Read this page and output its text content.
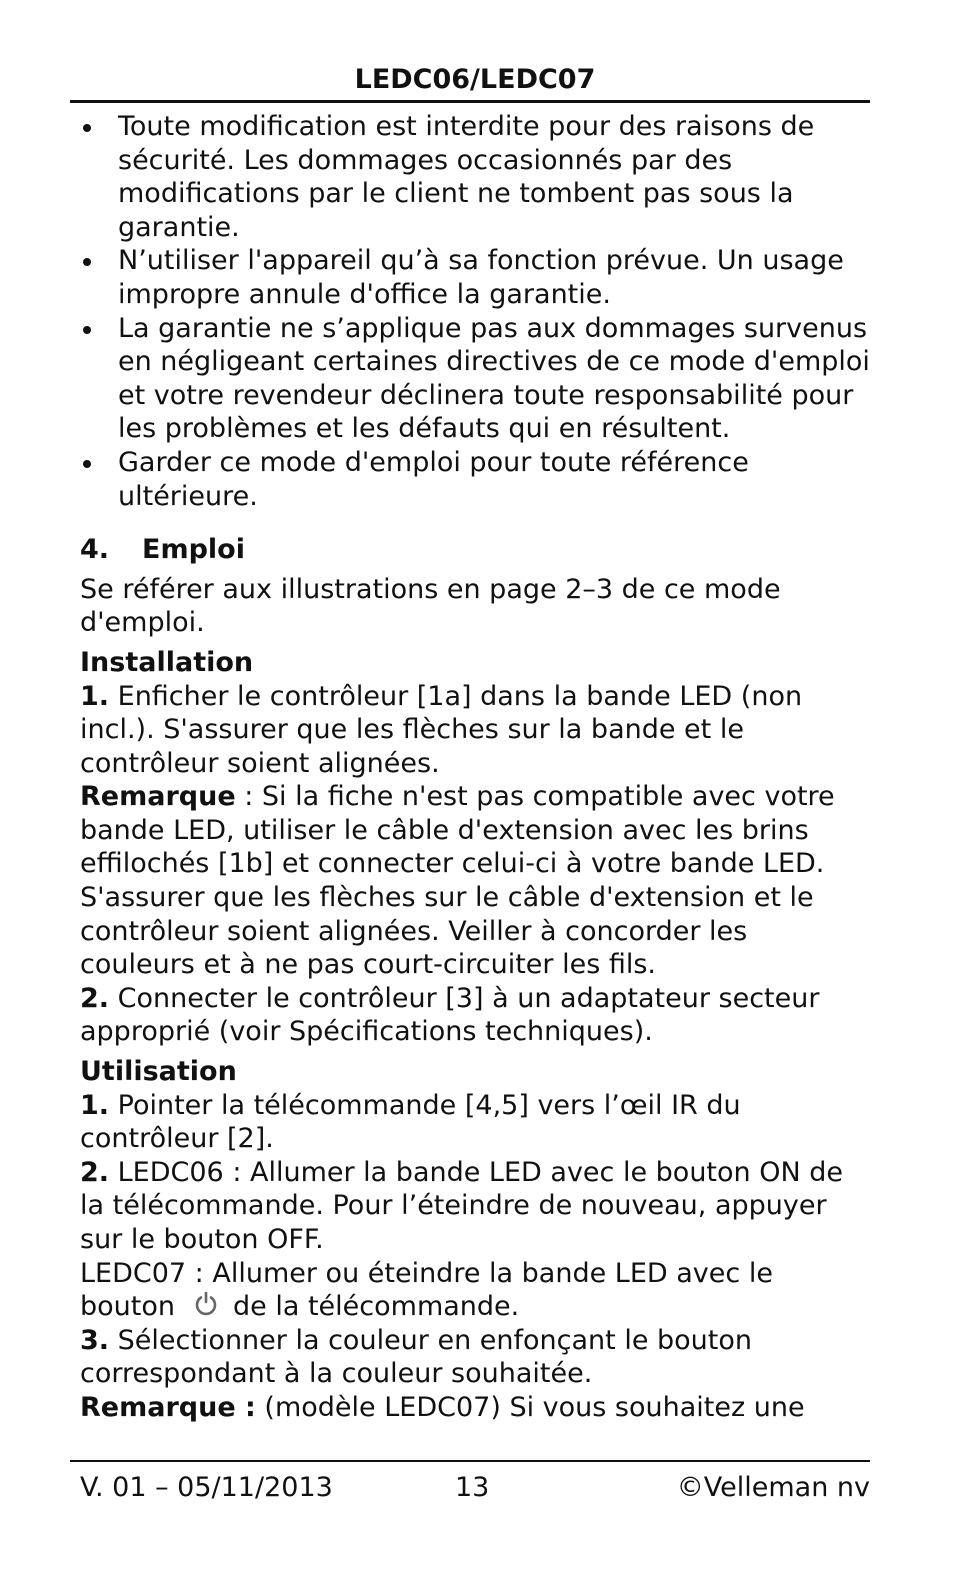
LEDC06/LEDC07
Toute modification est interdite pour des raisons de sécurité. Les dommages occasionnés par des modifications par le client ne tombent pas sous la garantie.
N’utiliser l'appareil qu’à sa fonction prévue. Un usage impropre annule d'office la garantie.
La garantie ne s’applique pas aux dommages survenus en négligeant certaines directives de ce mode d'emploi et votre revendeur déclinera toute responsabilité pour les problèmes et les défauts qui en résultent.
Garder ce mode d'emploi pour toute référence ultérieure.
4.	Emploi

Se référer aux illustrations en page 2–3 de ce mode d'emploi.

Installation

1. Enficher le contrôleur [1a] dans la bande LED (non incl.). S'assurer que les flèches sur la bande et le contrôleur soient alignées.

Remarque : Si la fiche n'est pas compatible avec votre bande LED, utiliser le câble d'extension avec les brins effilochés [1b] et connecter celui-ci à votre bande LED. S'assurer que les flèches sur le câble d'extension et le contrôleur soient alignées. Veiller à concorder les couleurs et à ne pas court-circuiter les fils.

2. Connecter le contrôleur [3] à un adaptateur secteur approprié (voir Spécifications techniques).

Utilisation

1. Pointer la télécommande [4,5] vers l’œil IR du contrôleur [2].

2. LEDC06 : Allumer la bande LED avec le bouton ON de la télécommande. Pour l’éteindre de nouveau, appuyer sur le bouton OFF.

LEDC07 : Allumer ou éteindre la bande LED avec le

bouton de la télécommande.

3. Sélectionner la couleur en enfonçant le bouton correspondant à la couleur souhaitée.

Remarque : (modèle LEDC07) Si vous souhaitez une

V. 01 – 05/11/2013	13	©Velleman nv
